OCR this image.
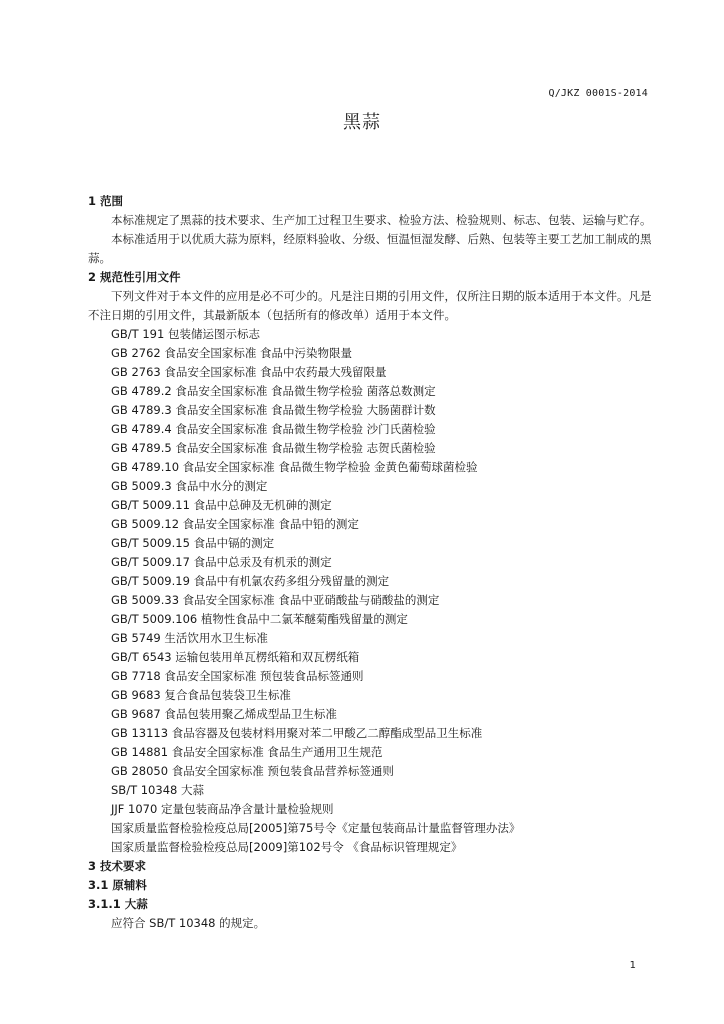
Q/JKZ 0001S-2014
黑蒜
1 范围
本标准规定了黑蒜的技术要求、生产加工过程卫生要求、检验方法、检验规则、标志、包装、运输与贮存。
本标准适用于以优质大蒜为原料，经原料验收、分级、恒温恒湿发酵、后熟、包装等主要工艺加工制成的黑蒜。
2 规范性引用文件
下列文件对于本文件的应用是必不可少的。凡是注日期的引用文件，仅所注日期的版本适用于本文件。凡是不注日期的引用文件，其最新版本（包括所有的修改单）适用于本文件。
GB/T 191 包装储运图示标志
GB 2762 食品安全国家标准 食品中污染物限量
GB 2763 食品安全国家标准 食品中农药最大残留限量
GB 4789.2 食品安全国家标准 食品微生物学检验 菌落总数测定
GB 4789.3 食品安全国家标准 食品微生物学检验 大肠菌群计数
GB 4789.4 食品安全国家标准 食品微生物学检验 沙门氏菌检验
GB 4789.5 食品安全国家标准 食品微生物学检验 志贺氏菌检验
GB 4789.10 食品安全国家标准 食品微生物学检验 金黄色葡萄球菌检验
GB 5009.3 食品中水分的测定
GB/T 5009.11 食品中总砷及无机砷的测定
GB 5009.12 食品安全国家标准 食品中铅的测定
GB/T 5009.15 食品中镉的测定
GB/T 5009.17 食品中总汞及有机汞的测定
GB/T 5009.19 食品中有机氯农药多组分残留量的测定
GB 5009.33 食品安全国家标准 食品中亚硝酸盐与硝酸盐的测定
GB/T 5009.106 植物性食品中二氯苯醚菊酯残留量的测定
GB 5749 生活饮用水卫生标准
GB/T 6543 运输包装用单瓦楞纸箱和双瓦楞纸箱
GB 7718 食品安全国家标准 预包装食品标签通则
GB 9683 复合食品包装袋卫生标准
GB 9687 食品包装用聚乙烯成型品卫生标准
GB 13113 食品容器及包装材料用聚对苯二甲酸乙二醇酯成型品卫生标准
GB 14881 食品安全国家标准 食品生产通用卫生规范
GB 28050 食品安全国家标准 预包装食品营养标签通则
SB/T 10348 大蒜
JJF 1070 定量包装商品净含量计量检验规则
国家质量监督检验检疫总局[2005]第75号令《定量包装商品计量监督管理办法》
国家质量监督检验检疫总局[2009]第102号令 《食品标识管理规定》
3 技术要求
3.1 原辅料
3.1.1 大蒜
应符合 SB/T 10348 的规定。
1
